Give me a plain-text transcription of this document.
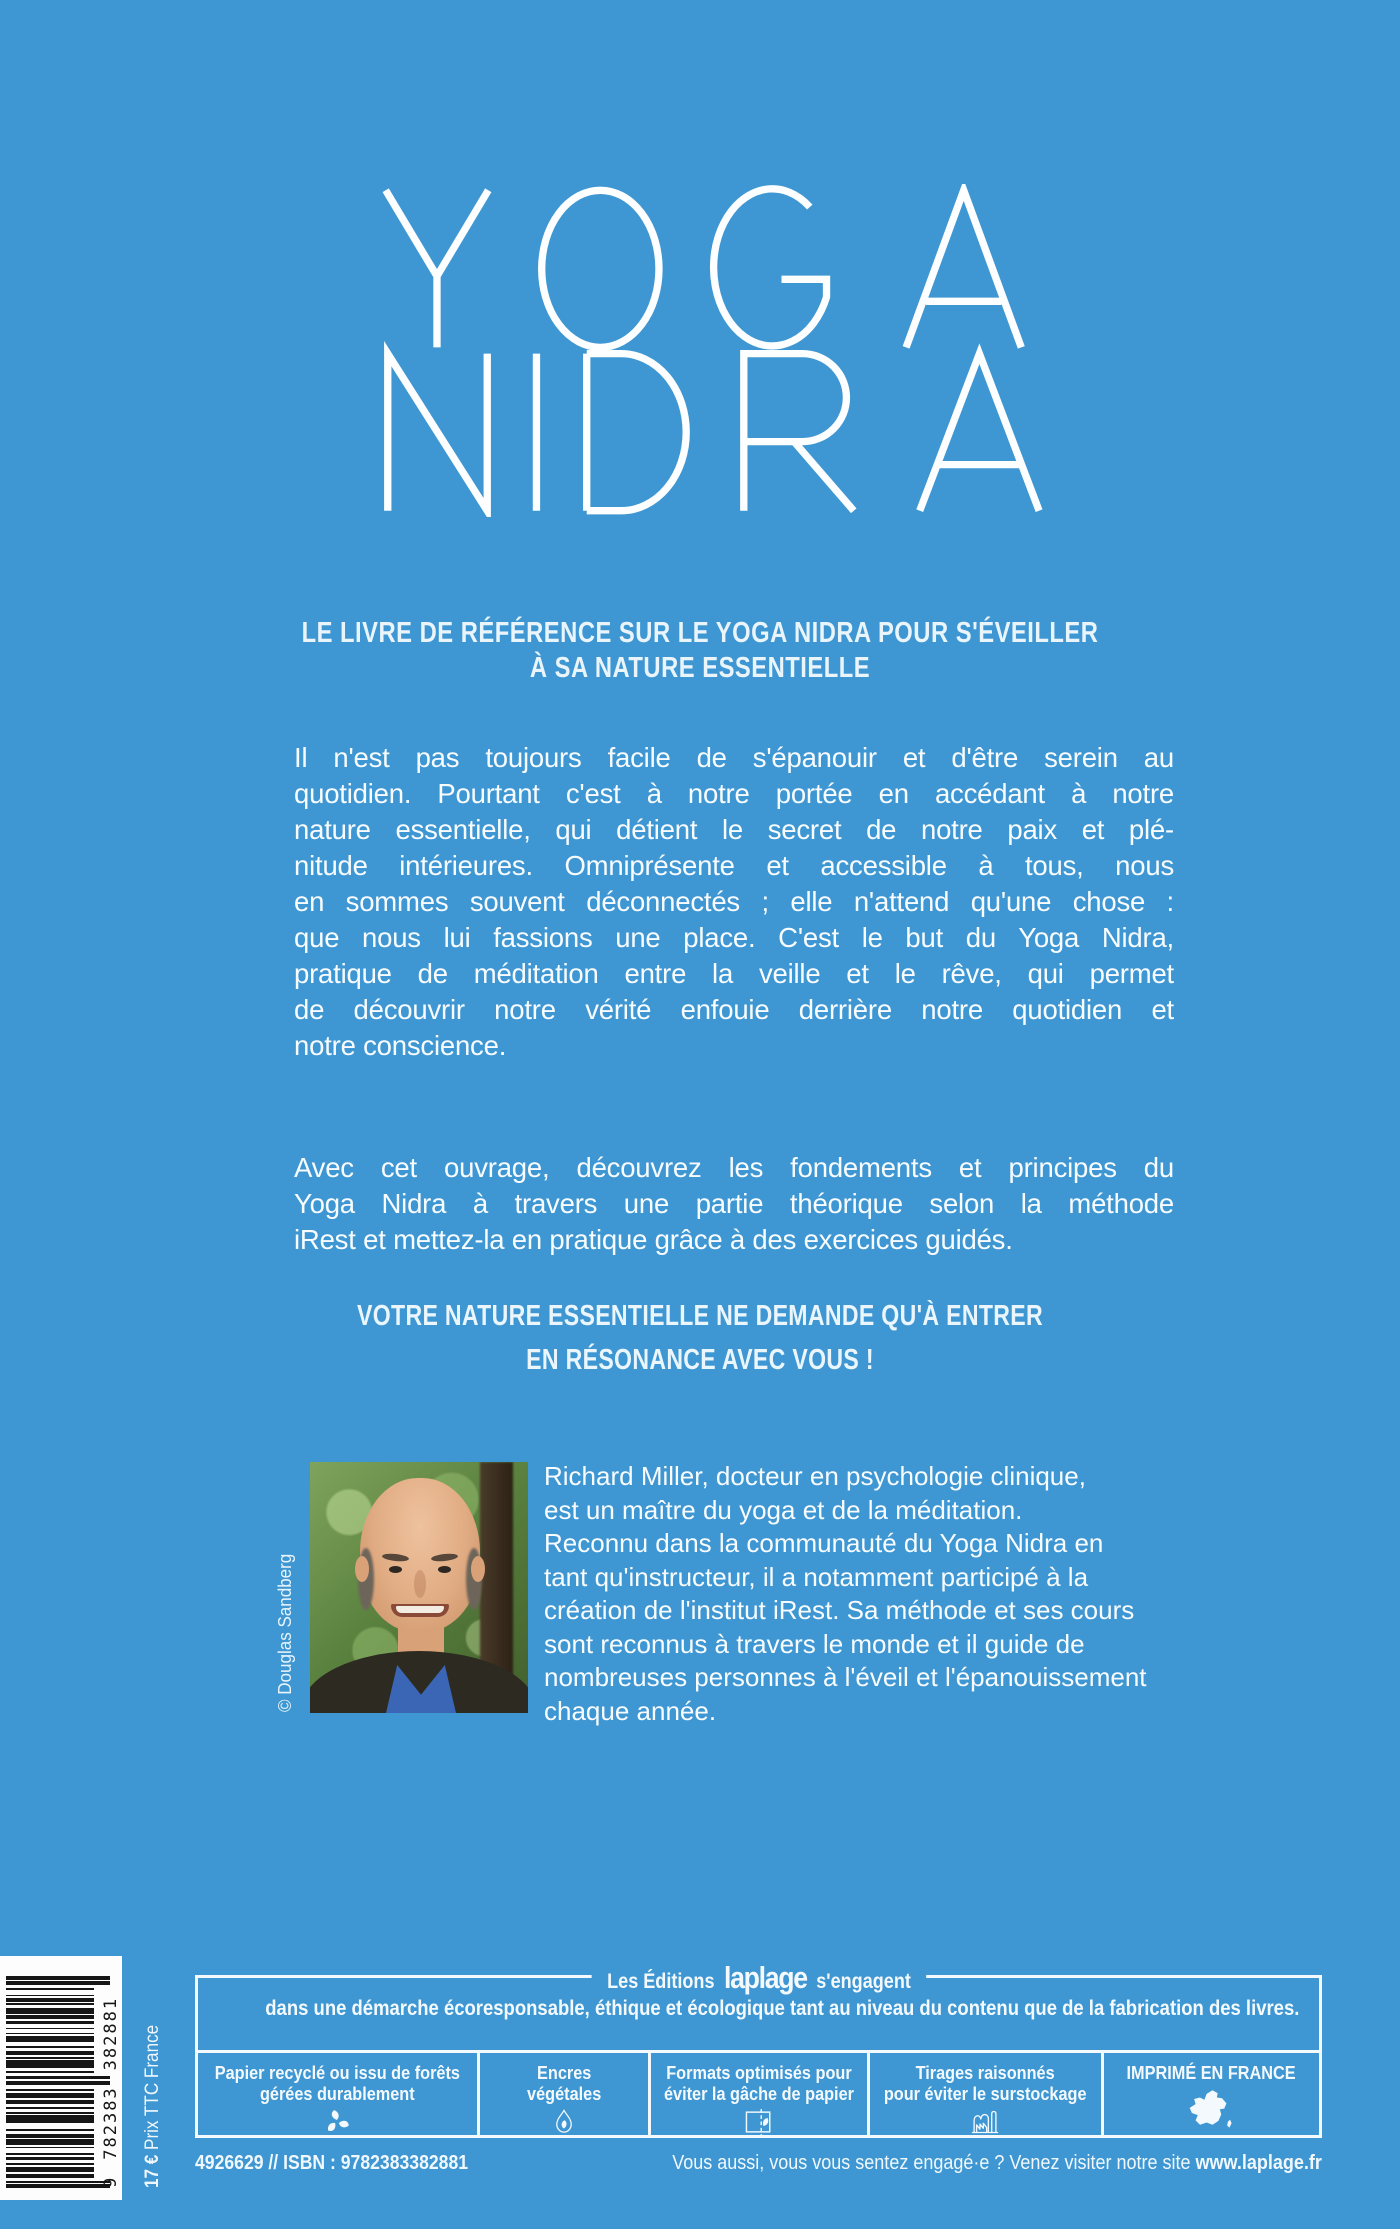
LE LIVRE DE RÉFÉRENCE SUR LE YOGA NIDRA POUR S'ÉVEILLER
À SA NATURE ESSENTIELLE
Il n'est pas toujours facile de s'épanouir et d'être serein au
quotidien. Pourtant c'est à notre portée en accédant à notre
nature essentielle, qui détient le secret de notre paix et plé-
nitude intérieures. Omniprésente et accessible à tous, nous
en sommes souvent déconnectés ; elle n'attend qu'une chose :
que nous lui fassions une place. C'est le but du Yoga Nidra,
pratique de méditation entre la veille et le rêve, qui permet
de découvrir notre vérité enfouie derrière notre quotidien et
notre conscience.
Avec cet ouvrage, découvrez les fondements et principes du
Yoga Nidra à travers une partie théorique selon la méthode
iRest et mettez-la en pratique grâce à des exercices guidés.
VOTRE NATURE ESSENTIELLE NE DEMANDE QU'À ENTRER
EN RÉSONANCE AVEC VOUS !
© Douglas Sandberg
Richard Miller, docteur en psychologie clinique,
est un maître du yoga et de la méditation.
Reconnu dans la communauté du Yoga Nidra en
tant qu'instructeur, il a notamment participé à la
création de l'institut iRest. Sa méthode et ses cours
sont reconnus à travers le monde et il guide de
nombreuses personnes à l'éveil et l'épanouissement
chaque année.
9
782383
382881
17 € Prix TTC France
Les Éditions laplage s'engagent
dans une démarche écoresponsable, éthique et écologique tant au niveau du contenu que de la fabrication des livres.
Papier recyclé ou issu de forêts
gérées durablement
Encres
végétales
Formats optimisés pour
éviter la gâche de papier
Tirages raisonnés
pour éviter le surstockage
IMPRIMÉ EN FRANCE
4926629 // ISBN : 9782383382881	Vous aussi, vous vous sentez engagé·e ? Venez visiter notre site www.laplage.fr
